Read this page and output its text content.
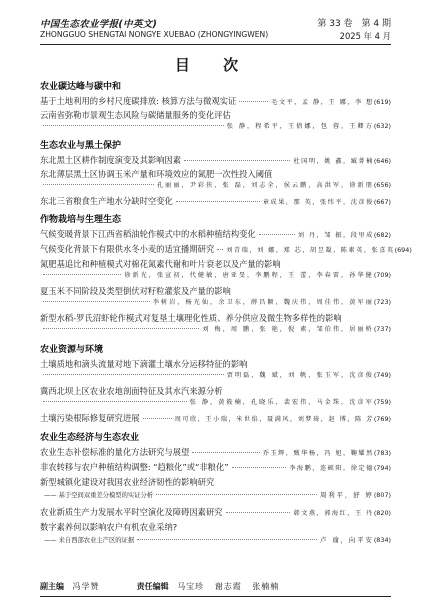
中国生态农业学报(中英文)
ZHONGGUO SHENGTAI NONGYE XUEBAO (ZHONGYINGWEN)
第 33 卷　第 4 期
2025 年 4 月
目 次
农业碳达峰与碳中和
基于土地利用的乡村尺度碳排放: 核算方法与微观实证	毛文平，孟 静，王 娜，李 想 (619)
云南省弥勒市景观生态风险与碳储量服务的变化评估
张 静，程希平，王倩娜，包 蓉，王卿方 (632)
生态农业与黑土保护
东北黑土区耕作制度演变及其影响因素	杜国明，姚 鑫，臧菁楠 (646)
东北薄层黑土区协调玉米产量和环境效应的氮肥一次性投入阈值
孔丽丽，尹彩侠，张 磊，刘志全，侯云鹏，高洪军，徐新朋 (656)
东北三省粮食生产地水分缺时空变化	章成果，那 英，张纬平，沈彦俊 (667)
作物栽培与生理生态
气候变暖背景下江西省稻油轮作模式中的水稻种植结构变化	刘 丹，邹 振，段里成 (682)
气候变化背景下有限供水冬小麦的适宜播期研究 刘青瑞，刘 娜，郑 芯，胡昱凝，陈素英，张喜英 (694)
氮肥基追比和种植模式对棉花氮素代谢和叶片衰老以及产量的影响
徐新光，张宣初，代健敏，唐亚旻，李鹏程，王 蕾，李春雷，孙华健 (709)
夏玉米不同阶段及类型倒伏对籽粒灌浆及产量的影响
李树岩，杨光仙，余卫东，薛昌颖，魏庆伟，周佳伟，黄军丽 (723)
新型水稻-罗氏沼虾轮作模式对复垦土壤理化性质、养分供应及微生物多样性的影响
刘 梅，周 鹏，张 艳，倪 素，邹伯伟，居丽桥 (737)
农业资源与环境
土壤质地和滴头流量对地下滴灌土壤水分运移特征的影响
贾明磊，魏 斌，刘 帆，张玉军，沈彦俊 (749)
冀西北坝上区农业农地剖面特征及其水汽来源分析
张 静，黄筱楠，孔晓乐，裴宏伟，马金珠，沈彦军 (759)
土壤污染根际修复研究进展	周可欣，王小瑞，米世焰，聂满风，刘梦琦，赵 博，陈 芳 (769)
农业生态经济与生态农业
农业生态补偿标准的量化方法研究与展望	乔玉辉，甄华杨，冯 旭，鞠耀然 (783)
非农转移与农户种植结构调整: “趋粮化”或“非粮化”	李海鹏，连硕阳，徐定德 (794)
新型城镇化建设对我国农业经济韧性的影响研究
—— 基于空间双重差分模型的实证分析	周利平，舒 婷 (807)
农业新质生产力发展水平时空演化及障碍因素研究	韩文燕，郭海红，王 丹 (820)
数字素养何以影响农户有机农业采纳?
—— 来自西部农业主产区的证据	卢 瑜，向平安 (834)
副主编 冯学赞	责任编辑 马宝珍 谢志霞 张楠楠
